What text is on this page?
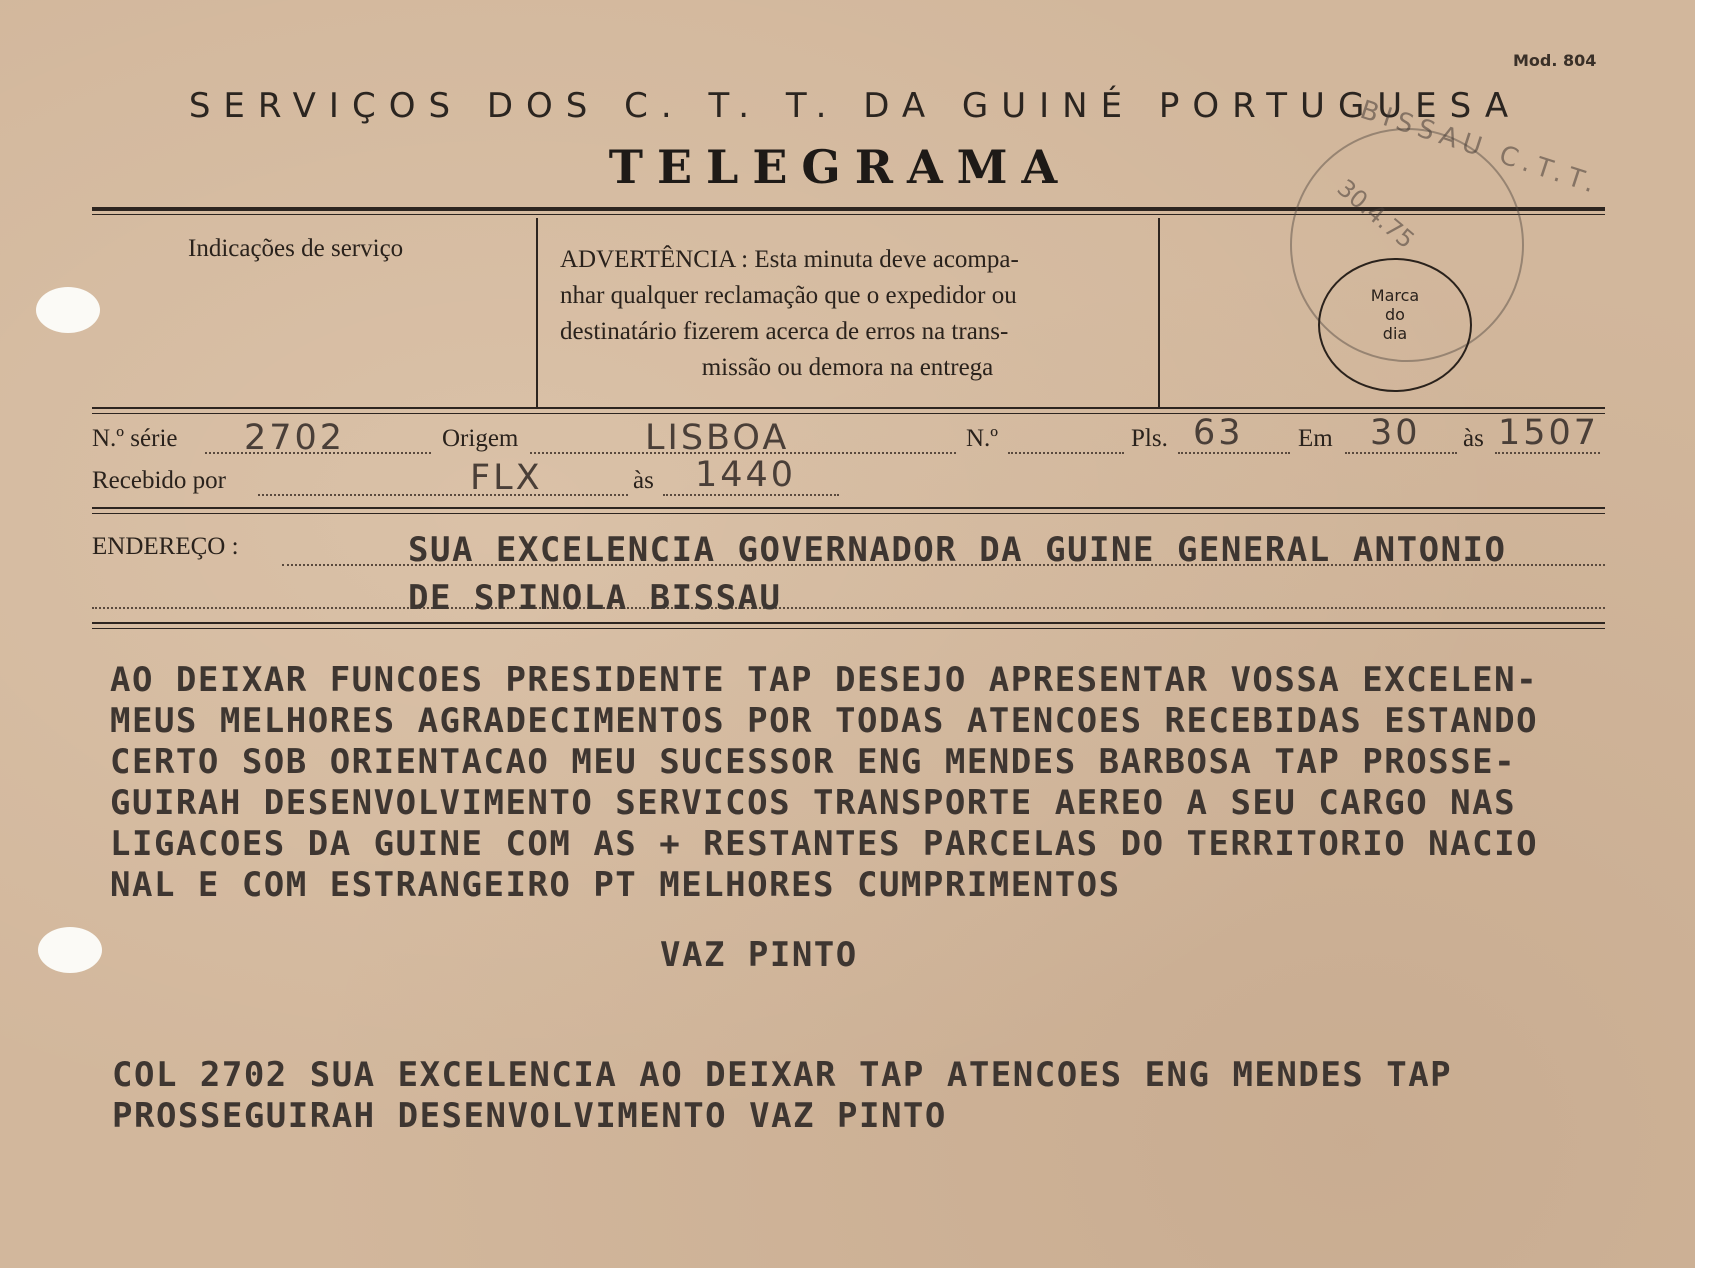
Mod. 804
SERVIÇOS DOS C. T. T. DA GUINÉ PORTUGUESA
TELEGRAMA
Indicações de serviço	ADVERTÊNCIA : Esta minuta deve acompa-
nhar qualquer reclamação que o expedidor ou
destinatário fizerem acerca de erros na trans-
missão ou demora na entrega
BISSAU C.T.T.
30.4.75
Marca
do
dia
N.º série 2702	Origem	LISBOA	N.º	Pls. 63 Em 30 às 1507
Recebido por	FLX	às 1440
ENDEREÇO :	SUA EXCELENCIA GOVERNADOR DA GUINE GENERAL ANTONIO
DE SPINOLA BISSAU
AO DEIXAR FUNCOES PRESIDENTE TAP DESEJO APRESENTAR VOSSA EXCELEN-
MEUS MELHORES AGRADECIMENTOS POR TODAS ATENCOES RECEBIDAS ESTANDO
CERTO SOB ORIENTACAO MEU SUCESSOR ENG MENDES BARBOSA TAP PROSSE-
GUIRAH DESENVOLVIMENTO SERVICOS TRANSPORTE AEREO A SEU CARGO NAS
LIGACOES DA GUINE COM AS + RESTANTES PARCELAS DO TERRITORIO NACIO
NAL E COM ESTRANGEIRO PT MELHORES CUMPRIMENTOS
VAZ PINTO
COL 2702 SUA EXCELENCIA AO DEIXAR TAP ATENCOES ENG MENDES TAP
PROSSEGUIRAH DESENVOLVIMENTO VAZ PINTO
